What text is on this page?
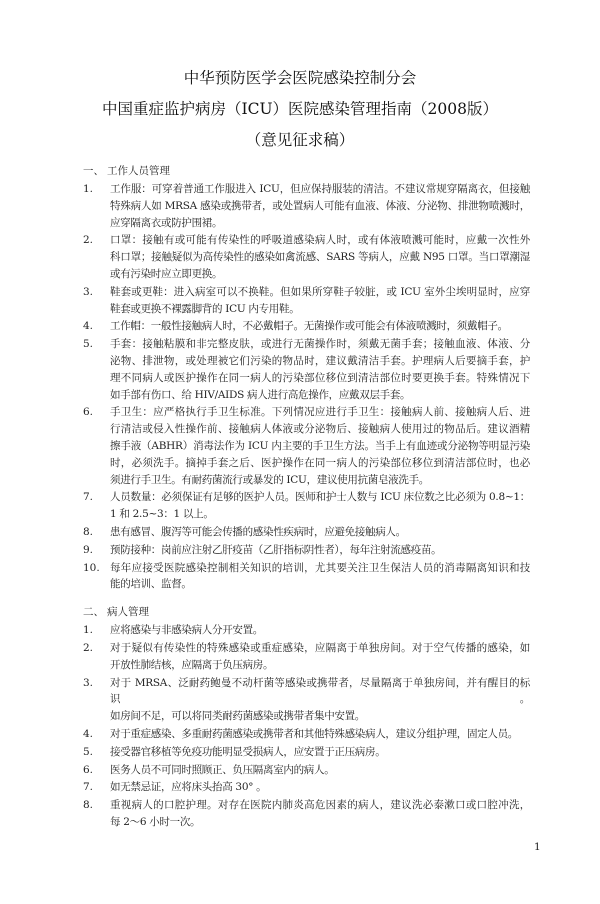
中华预防医学会医院感染控制分会
中国重症监护病房（ICU）医院感染管理指南（2008版）
（意见征求稿）
一、 工作人员管理
1.	工作服：可穿着普通工作服进入 ICU，但应保持服装的清洁。不建议常规穿隔离衣，但接触
特殊病人如 MRSA 感染或携带者，或处置病人可能有血液、体液、分泌物、排泄物喷溅时，
应穿隔离衣或防护围裙。
2.	口罩：接触有或可能有传染性的呼吸道感染病人时，或有体液喷溅可能时，应戴一次性外
科口罩；接触疑似为高传染性的感染如禽流感、SARS 等病人，应戴 N95 口罩。当口罩潮湿
或有污染时应立即更换。
3.	鞋套或更鞋：进入病室可以不换鞋。但如果所穿鞋子较脏，或 ICU 室外尘埃明显时，应穿
鞋套或更换不裸露脚背的 ICU 内专用鞋。
4.	工作帽：一般性接触病人时，不必戴帽子。无菌操作或可能会有体液喷溅时，须戴帽子。
5.	手套：接触粘膜和非完整皮肤，或进行无菌操作时，须戴无菌手套；接触血液、体液、分
泌物、排泄物，或处理被它们污染的物品时，建议戴清洁手套。护理病人后要摘手套，护
理不同病人或医护操作在同一病人的污染部位移位到清洁部位时要更换手套。特殊情况下
如手部有伤口、给 HIV/AIDS 病人进行高危操作，应戴双层手套。
6.	手卫生：应严格执行手卫生标准。下列情况应进行手卫生：接触病人前、接触病人后、进
行清洁或侵入性操作前、接触病人体液或分泌物后、接触病人使用过的物品后。建议酒精
擦手液（ABHR）消毒法作为 ICU 内主要的手卫生方法。当手上有血迹或分泌物等明显污染
时，必须洗手。摘掉手套之后、医护操作在同一病人的污染部位移位到清洁部位时，也必
须进行手卫生。有耐药菌流行或暴发的 ICU，建议使用抗菌皂液洗手。
7.	人员数量：必须保证有足够的医护人员。医师和护士人数与 ICU 床位数之比必须为 0.8~1：
1 和 2.5~3：1 以上。
8.	患有感冒、腹泻等可能会传播的感染性疾病时，应避免接触病人。
9.	预防接种：岗前应注射乙肝疫苗（乙肝指标阴性者），每年注射流感疫苗。
10. 每年应接受医院感染控制相关知识的培训，尤其要关注卫生保洁人员的消毒隔离知识和技
能的培训、监督。
二、 病人管理
1.	应将感染与非感染病人分开安置。
2.	对于疑似有传染性的特殊感染或重症感染，应隔离于单独房间。对于空气传播的感染，如
开放性肺结核，应隔离于负压病房。
3.	对于 MRSA、泛耐药鲍曼不动杆菌等感染或携带者，尽量隔离于单独房间，并有醒目的标识。
如房间不足，可以将同类耐药菌感染或携带者集中安置。
4.	对于重症感染、多重耐药菌感染或携带者和其他特殊感染病人，建议分组护理，固定人员。
5.	接受器官移植等免疫功能明显受损病人，应安置于正压病房。
6.	医务人员不可同时照顾正、负压隔离室内的病人。
7.	如无禁忌证，应将床头抬高 30° 。
8.	重视病人的口腔护理。对存在医院内肺炎高危因素的病人，建议洗必泰漱口或口腔冲洗，
每 2～6 小时一次。
1
